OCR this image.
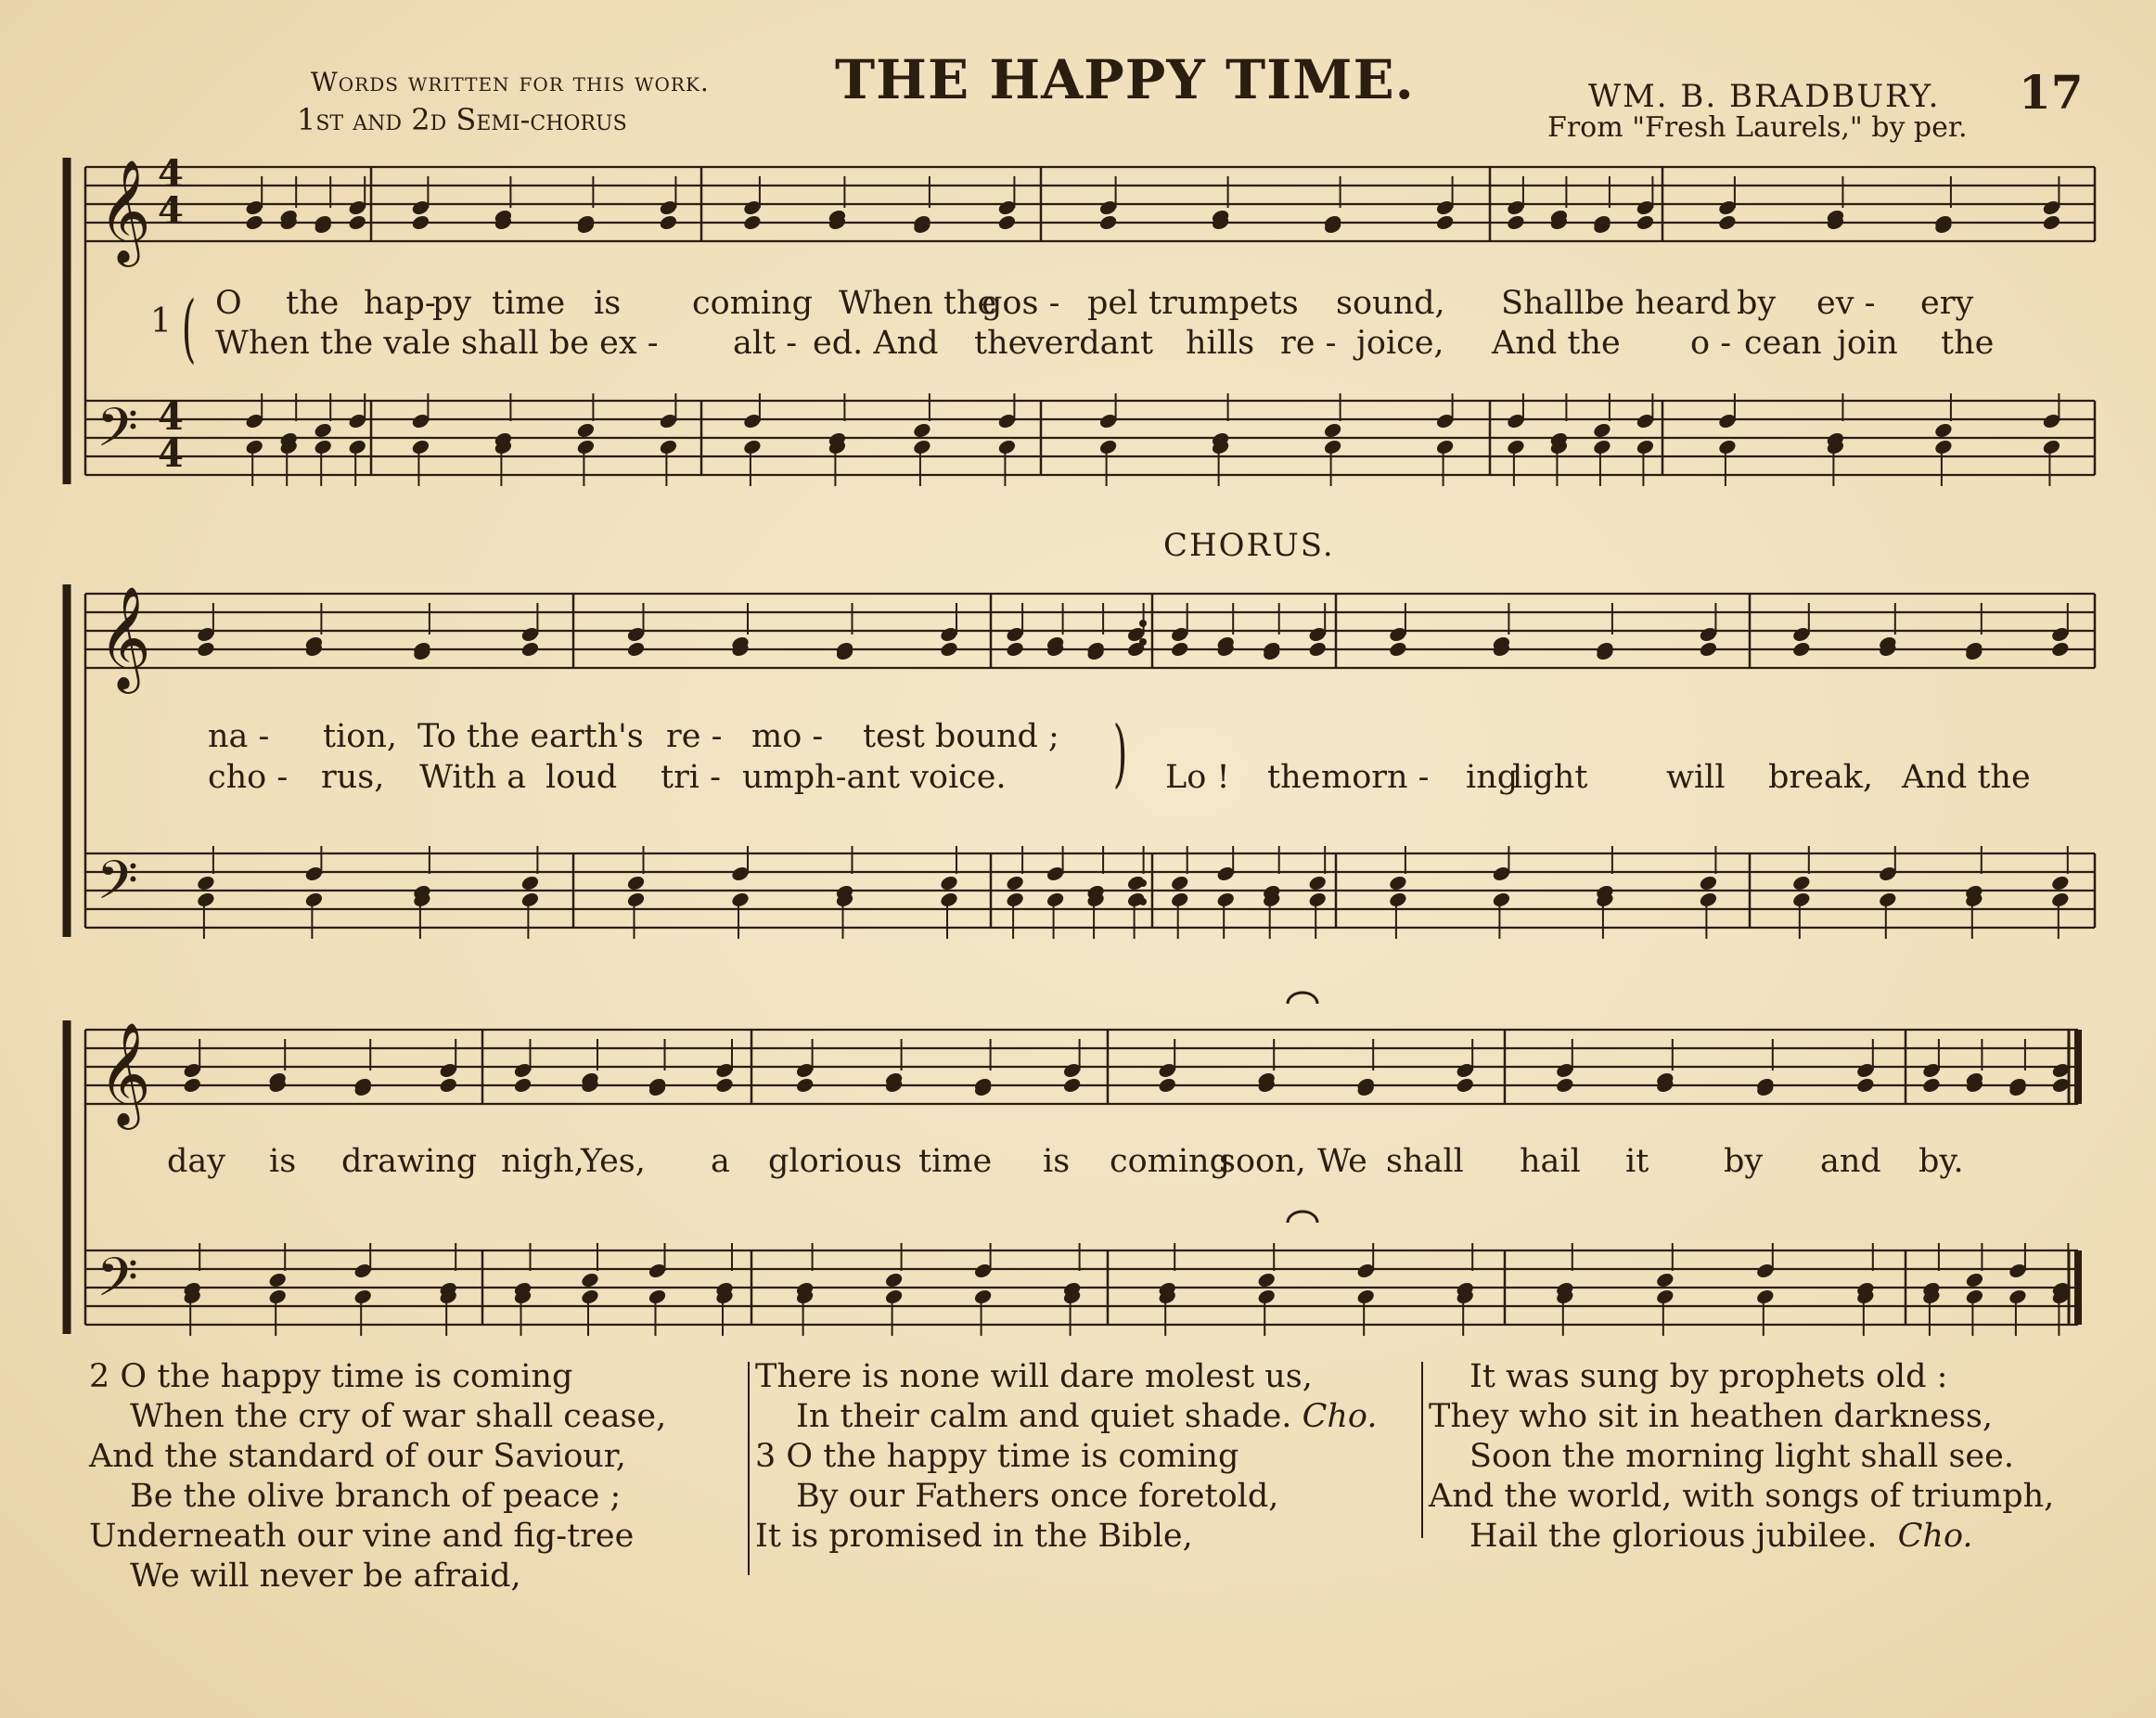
Words written for this work.
1st and 2d Semi-chorus
THE HAPPY TIME.	WM. B. BRADBURY.
From "Fresh Laurels," by per.
17
CHORUS.
𝄞
𝄢
𝄞
𝄢
𝄞
𝄢
1 (
4
4
4
4
O the hap-
py time is coming When the
gos - pel trumpets sound, Shall be heard by ev - ery
When the vale shall be ex - alt - ed. And the
verdant hills re - joice, And the o - cean join the
na - tion, To the earth's re - mo - test bound ;
cho - rus, With a loud tri - umph-ant voice.	Lo ! the morn - ing
light will break, And the
day is drawing nigh,
Yes, a glorious time is coming
soon, We shall hail it by and by.
)
2 O the happy time is coming
When the cry of war shall cease,
And the standard of our Saviour,
Be the olive branch of peace ;
Underneath our vine and fig-tree
We will never be afraid,
There is none will dare molest us,
In their calm and quiet shade. Cho.
3 O the happy time is coming
By our Fathers once foretold,
It is promised in the Bible,
It was sung by prophets old :
They who sit in heathen darkness,
Soon the morning light shall see.
And the world, with songs of triumph,
Hail the glorious jubilee. Cho.
